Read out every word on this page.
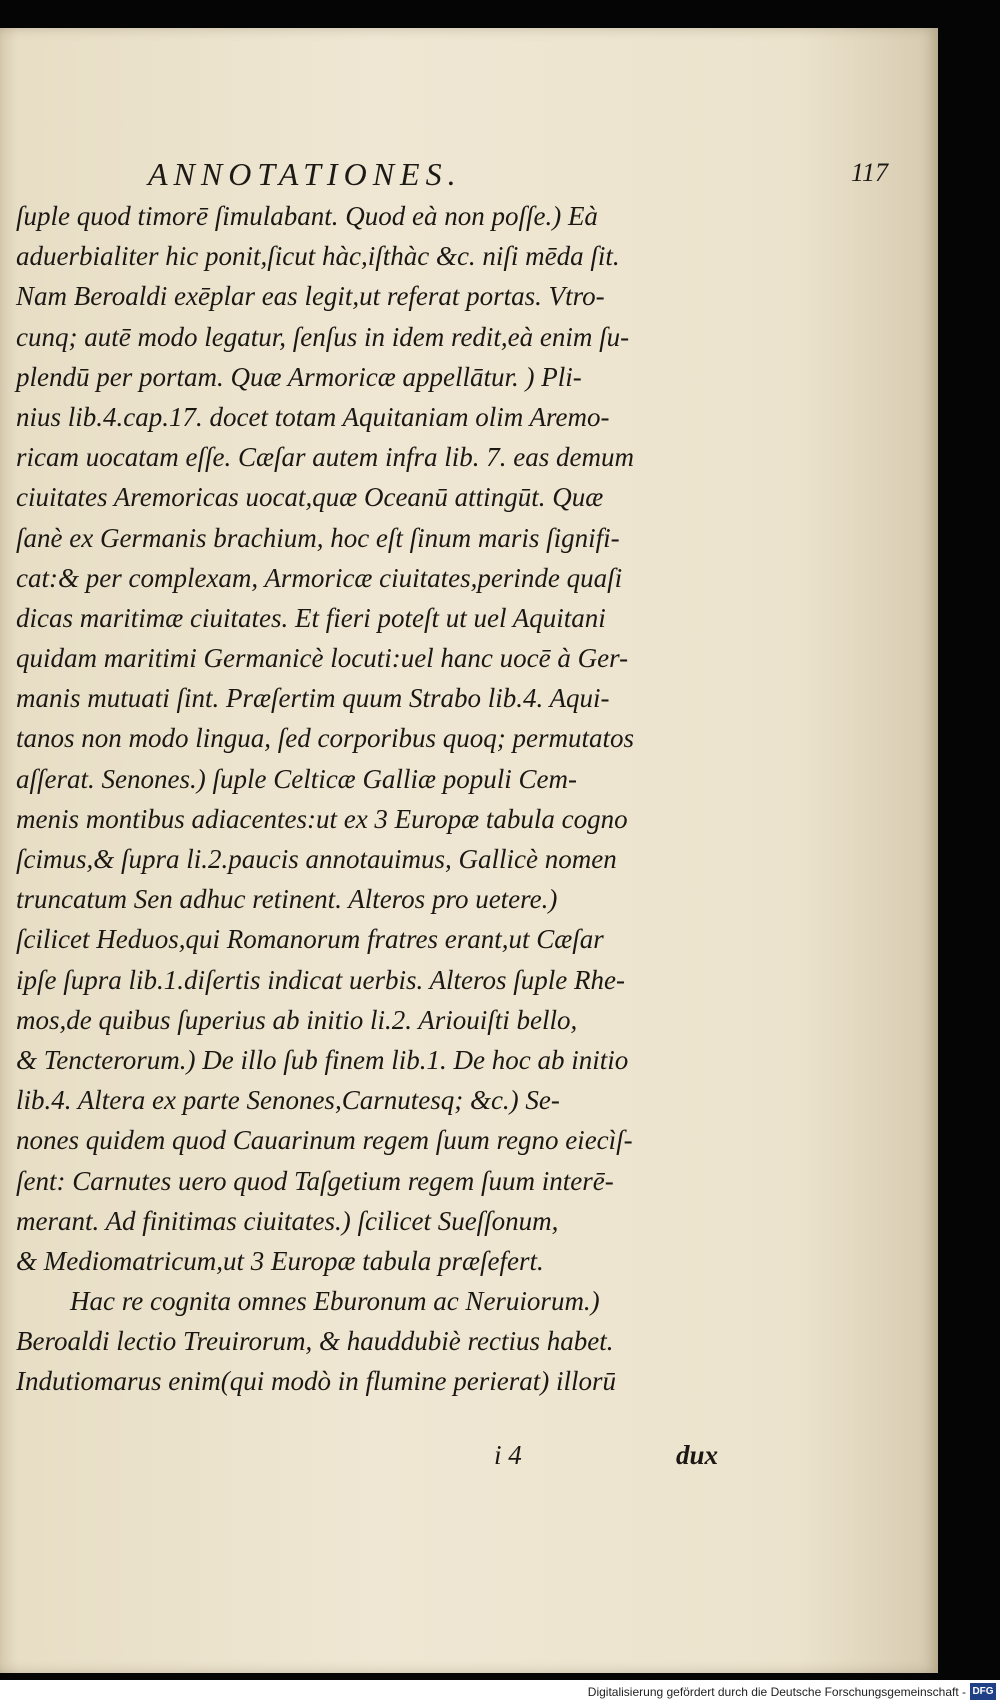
ANNOTATIONES.	117
ſuple quod timorē ſimulabant. Quod eà non poſſe.) Eà
aduerbialiter hic ponit,ſicut hàc,iſthàc &c. niſi mēda ſit.
Nam Beroaldi exēplar eas legit,ut referat portas. Vtro-
cunq; autē modo legatur, ſenſus in idem redit,eà enim ſu-
plendū per portam. Quæ Armoricæ appellātur. ) Pli-
nius lib.4.cap.17. docet totam Aquitaniam olim Aremo-
ricam uocatam eſſe. Cæſar autem infra lib. 7. eas demum
ciuitates Aremoricas uocat,quæ Oceanū attingūt. Quæ
ſanè ex Germanis brachium, hoc eſt ſinum maris ſignifi-
cat:& per complexam, Armoricæ ciuitates,perinde quaſi
dicas maritimæ ciuitates. Et fieri poteſt ut uel Aquitani
quidam maritimi Germanicè locuti:uel hanc uocē à Ger-
manis mutuati ſint. Præſertim quum Strabo lib.4. Aqui-
tanos non modo lingua, ſed corporibus quoq; permutatos
aſſerat. Senones.) ſuple Celticæ Galliæ populi Cem-
menis montibus adiacentes:ut ex 3 Europæ tabula cogno
ſcimus,& ſupra li.2.paucis annotauimus, Gallicè nomen
truncatum Sen adhuc retinent. Alteros pro uetere.)
ſcilicet Heduos,qui Romanorum fratres erant,ut Cæſar
ipſe ſupra lib.1.diſertis indicat uerbis. Alteros ſuple Rhe-
mos,de quibus ſuperius ab initio li.2. Ariouiſti bello,
& Tencterorum.) De illo ſub finem lib.1. De hoc ab initio
lib.4. Altera ex parte Senones,Carnutesq; &c.) Se-
nones quidem quod Cauarinum regem ſuum regno eiecìſ-
ſent: Carnutes uero quod Taſgetium regem ſuum interē-
merant. Ad finitimas ciuitates.) ſcilicet Sueſſonum,
& Mediomatricum,ut 3 Europæ tabula præſefert.
Hac re cognita omnes Eburonum ac Neruiorum.)
Beroaldi lectio Treuirorum, & hauddubiè rectius habet.
Indutiomarus enim(qui modò in flumine perierat) illorū
i 4	dux
Digitalisierung gefördert durch die Deutsche Forschungsgemeinschaft - DFG
